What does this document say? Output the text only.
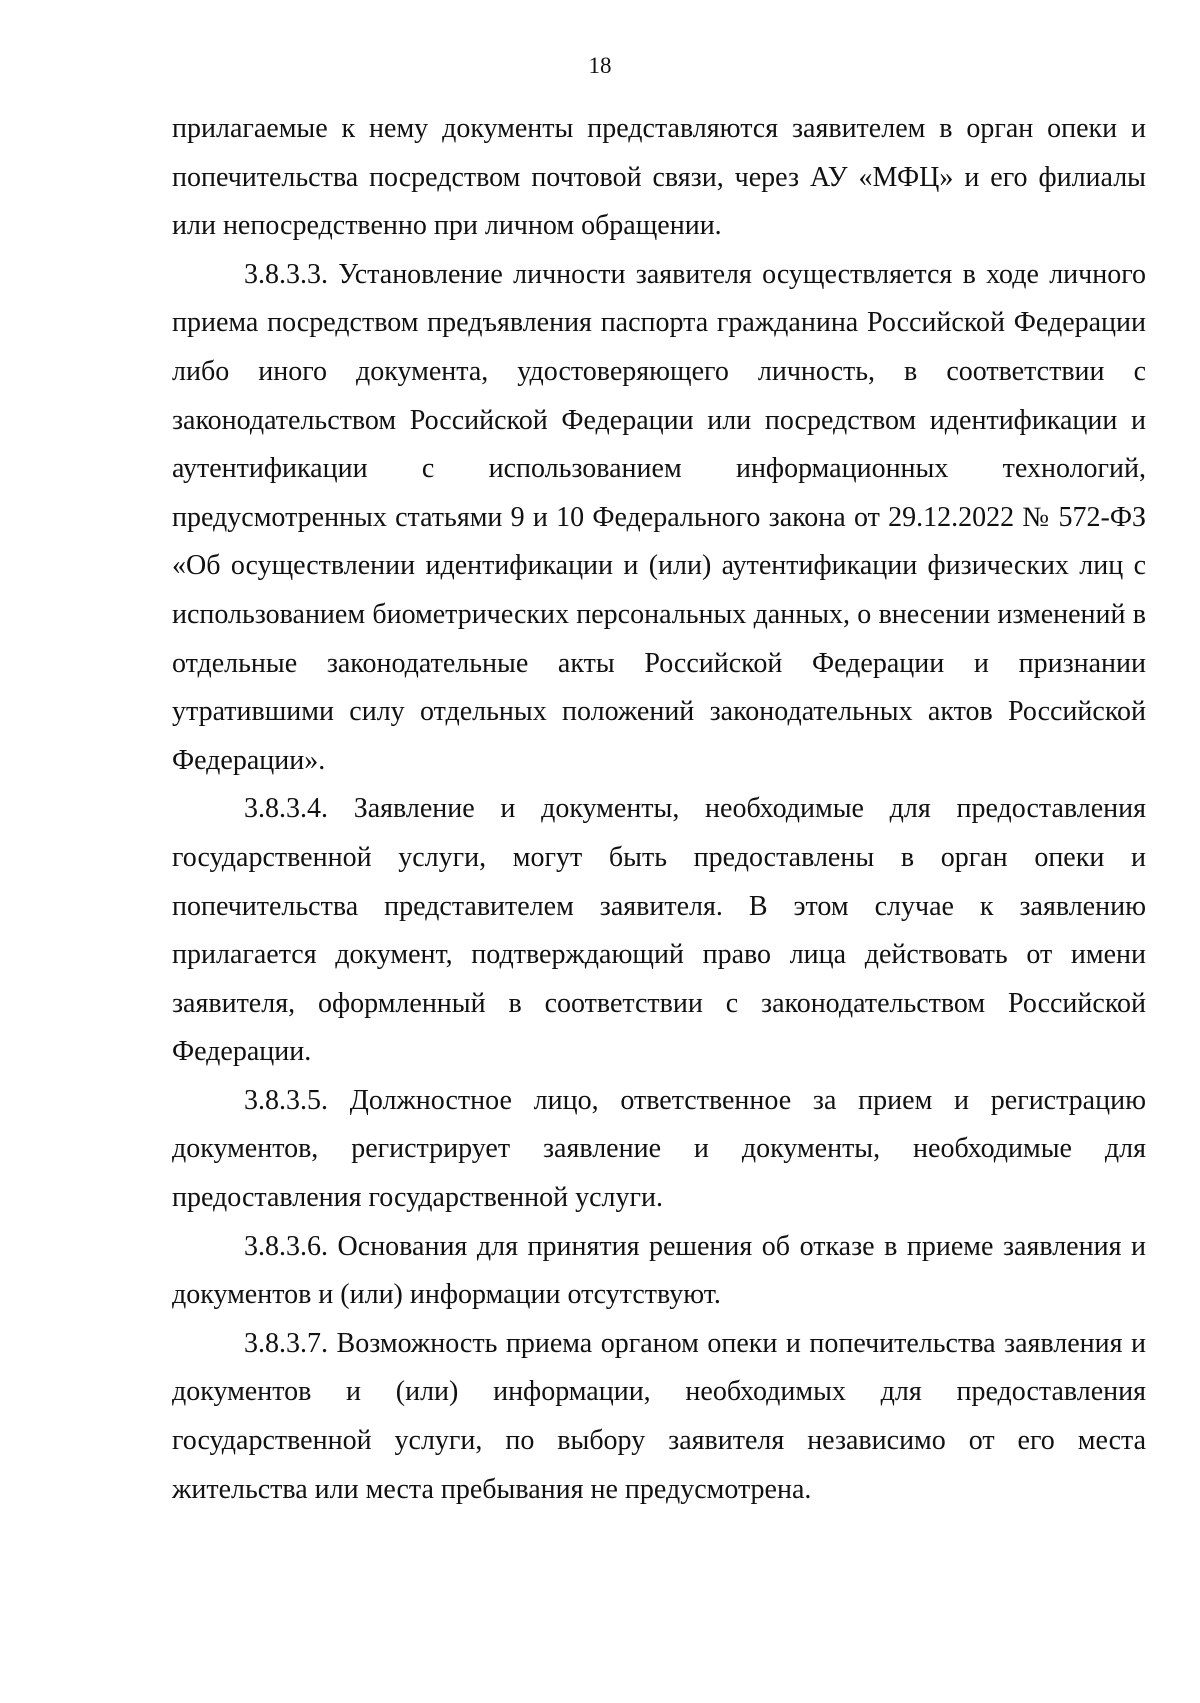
18

прилагаемые к нему документы представляются заявителем в орган опеки и попечительства посредством почтовой связи, через АУ «МФЦ» и его филиалы или непосредственно при личном обращении.

3.8.3.3. Установление личности заявителя осуществляется в ходе личного приема посредством предъявления паспорта гражданина Российской Федерации либо иного документа, удостоверяющего личность, в соответствии с законодательством Российской Федерации или посредством идентификации и аутентификации с использованием информационных технологий, предусмотренных статьями 9 и 10 Федерального закона от 29.12.2022 № 572-ФЗ «Об осуществлении идентификации и (или) аутентификации физических лиц с использованием биометрических персональных данных, о внесении изменений в отдельные законодательные акты Российской Федерации и признании утратившими силу отдельных положений законодательных актов Российской Федерации».

3.8.3.4. Заявление и документы, необходимые для предоставления государственной услуги, могут быть предоставлены в орган опеки и попечительства представителем заявителя. В этом случае к заявлению прилагается документ, подтверждающий право лица действовать от имени заявителя, оформленный в соответствии с законодательством Российской Федерации.

3.8.3.5. Должностное лицо, ответственное за прием и регистрацию документов, регистрирует заявление и документы, необходимые для предоставления государственной услуги.

3.8.3.6. Основания для принятия решения об отказе в приеме заявления и документов и (или) информации отсутствуют.

3.8.3.7. Возможность приема органом опеки и попечительства заявления и документов и (или) информации, необходимых для предоставления государственной услуги, по выбору заявителя независимо от его места жительства или места пребывания не предусмотрена.
